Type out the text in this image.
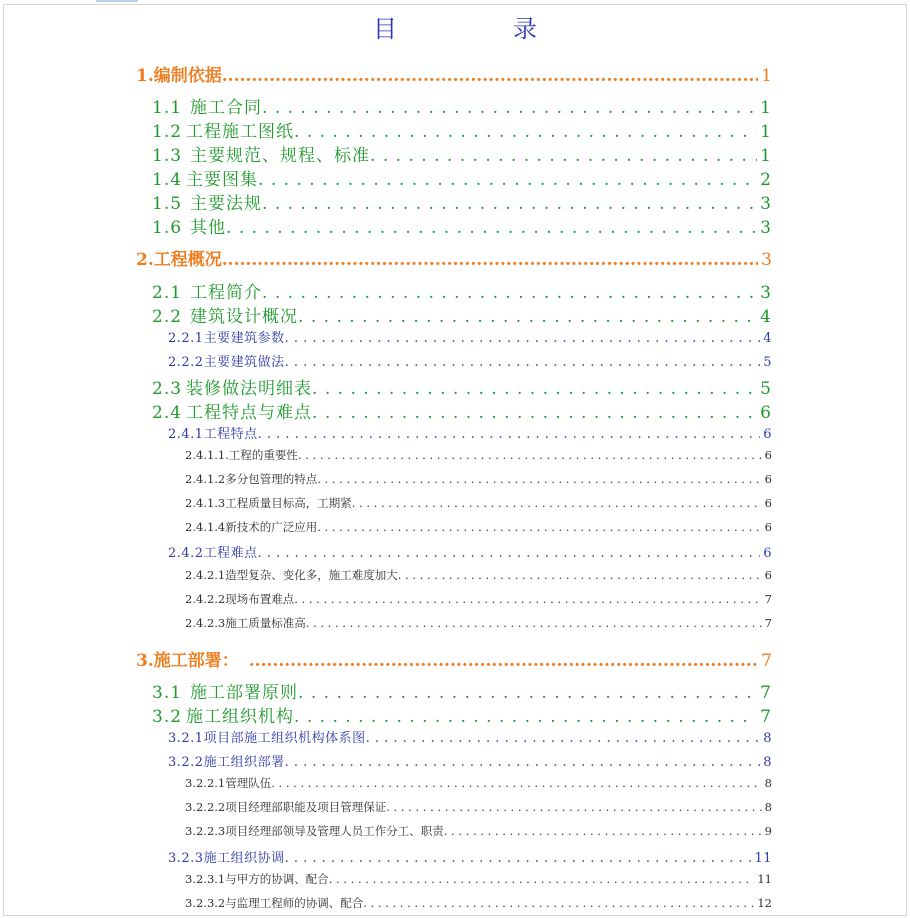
目　录
1. 编制依据 .....	1
1.1 施工合同 . . .	1
1.2 工程施工图纸 . . .	1
1.3 主要规范、规程、标准 . . .	1
1.4 主要图集 . . .	2
1.5 主要法规 . . .	3
1.6 其他 . . .	3
2. 工程概况 .....	3
2.1 工程简介 . . .	3
2.2 建筑设计概况 . . .	4
2.2.1 主要建筑参数 . . .	4
2.2.2 主要建筑做法 . . .	5
2.3 装修做法明细表 . . .	5
2.4 工程特点与难点 . . .	6
2.4.1 工程特点 . . .	6
2.4.1.1. 工程的重要性 . . .	6
2.4.1.2 多分包管理的特点 . . .	6
2.4.1.3 工程质量目标高，工期紧 . . .	6
2.4.1.4 新技术的广泛应用 . . .	6
2.4.2 工程难点 . . .	6
2.4.2.1 造型复杂、变化多，施工难度加大 . . .	6
2.4.2.2 现场布置难点 . . .	7
2.4.2.3 施工质量标准高 . . .	7
3. 施工部署： .....	7
3.1 施工部署原则 . . .	7
3.2 施工组织机构 . . .	7
3.2.1 项目部施工组织机构体系图 . . .	8
3.2.2 施工组织部署 . . .	8
3.2.2.1 管理队伍 . . .	8
3.2.2.2 项目经理部职能及项目管理保证 . . .	8
3.2.2.3 项目经理部领导及管理人员工作分工、职责 . . .	9
3.2.3 施工组织协调 . . .	11
3.2.3.1 与甲方的协调、配合 . . .	11
3.2.3.2 与监理工程师的协调、配合 . . .	12
